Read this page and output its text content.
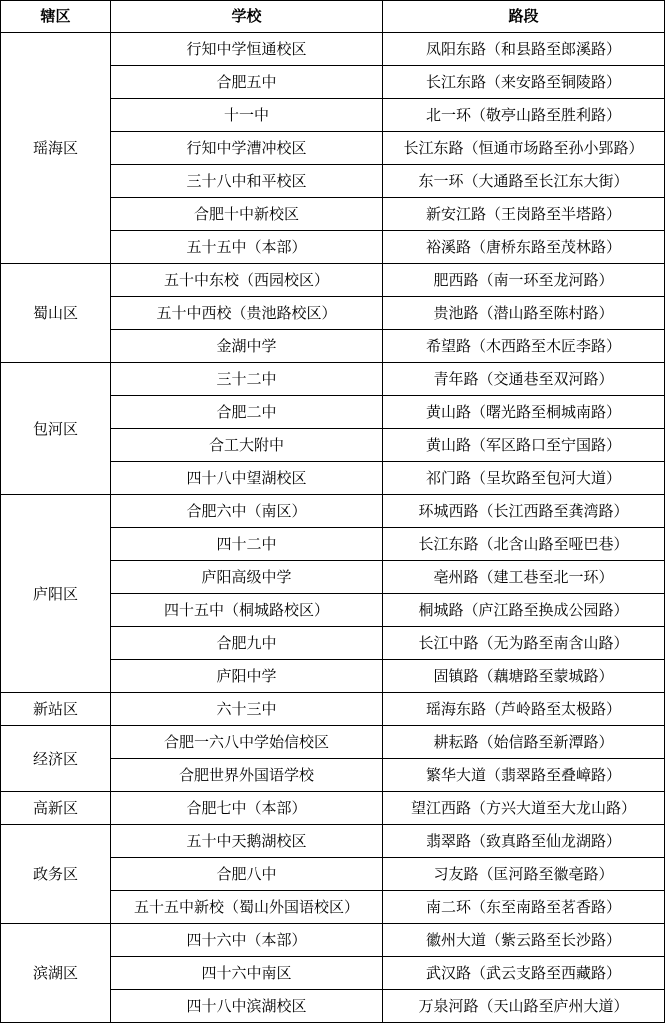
辖区	学校	路段
瑶海区	行知中学恒通校区	凤阳东路（和县路至郎溪路）
	合肥五中	长江东路（来安路至铜陵路）
	十一中	北一环（敬亭山路至胜利路）
	行知中学漕冲校区	长江东路（恒通市场路至孙小郢路）
	三十八中和平校区	东一环（大通路至长江东大街）
	合肥十中新校区	新安江路（王岗路至半塔路）
	五十五中（本部）	裕溪路（唐桥东路至茂林路）
蜀山区	五十中东校（西园校区）	肥西路（南一环至龙河路）
	五十中西校（贵池路校区）	贵池路（潜山路至陈村路）
	金湖中学	希望路（木西路至木匠李路）
包河区	三十二中	青年路（交通巷至双河路）
	合肥二中	黄山路（曙光路至桐城南路）
	合工大附中	黄山路（军区路口至宁国路）
	四十八中望湖校区	祁门路（呈坎路至包河大道）
庐阳区	合肥六中（南区）	环城西路（长江西路至龚湾路）
	四十二中	长江东路（北含山路至哑巴巷）
	庐阳高级中学	亳州路（建工巷至北一环）
	四十五中（桐城路校区）	桐城路（庐江路至换成公园路）
	合肥九中	长江中路（无为路至南含山路）
	庐阳中学	固镇路（藕塘路至蒙城路）
新站区	六十三中	瑶海东路（芦岭路至太极路）
经济区	合肥一六八中学始信校区	耕耘路（始信路至新潭路）
	合肥世界外国语学校	繁华大道（翡翠路至叠嶂路）
高新区	合肥七中（本部）	望江西路（方兴大道至大龙山路）
政务区	五十中天鹅湖校区	翡翠路（致真路至仙龙湖路）
	合肥八中	习友路（匡河路至徽亳路）
	五十五中新校（蜀山外国语校区）	南二环（东至南路至茗香路）
滨湖区	四十六中（本部）	徽州大道（紫云路至长沙路）
	四十六中南区	武汉路（武云支路至西藏路）
	四十八中滨湖校区	万泉河路（天山路至庐州大道）
